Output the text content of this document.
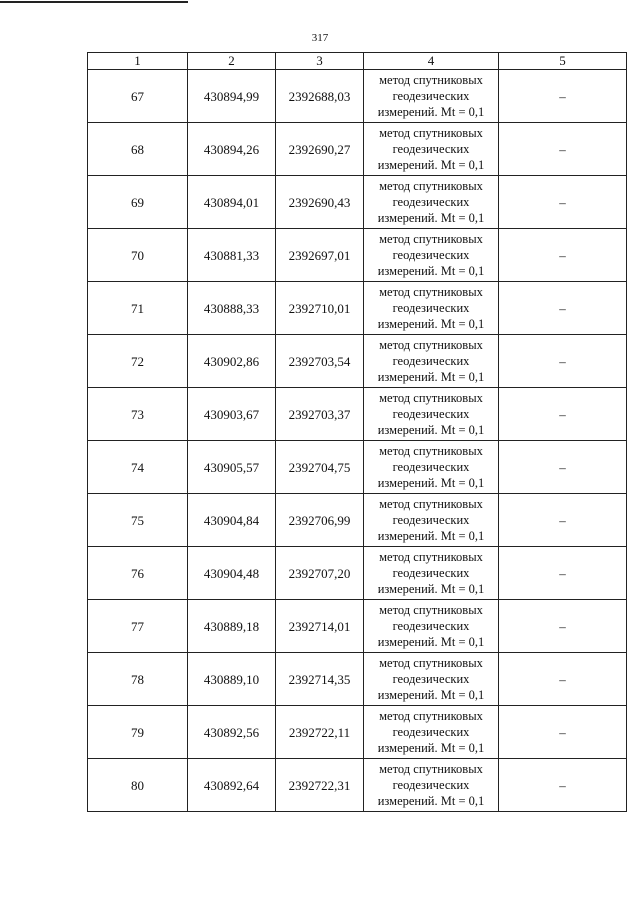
317
1	2	3	4	5
67	430894,99	2392688,03	метод спутниковых
геодезических
измерений. Mt = 0,1	–
68	430894,26	2392690,27	метод спутниковых
геодезических
измерений. Mt = 0,1	–
69	430894,01	2392690,43	метод спутниковых
геодезических
измерений. Mt = 0,1	–
70	430881,33	2392697,01	метод спутниковых
геодезических
измерений. Mt = 0,1	–
71	430888,33	2392710,01	метод спутниковых
геодезических
измерений. Mt = 0,1	–
72	430902,86	2392703,54	метод спутниковых
геодезических
измерений. Mt = 0,1	–
73	430903,67	2392703,37	метод спутниковых
геодезических
измерений. Mt = 0,1	–
74	430905,57	2392704,75	метод спутниковых
геодезических
измерений. Mt = 0,1	–
75	430904,84	2392706,99	метод спутниковых
геодезических
измерений. Mt = 0,1	–
76	430904,48	2392707,20	метод спутниковых
геодезических
измерений. Mt = 0,1	–
77	430889,18	2392714,01	метод спутниковых
геодезических
измерений. Mt = 0,1	–
78	430889,10	2392714,35	метод спутниковых
геодезических
измерений. Mt = 0,1	–
79	430892,56	2392722,11	метод спутниковых
геодезических
измерений. Mt = 0,1	–
80	430892,64	2392722,31	метод спутниковых
геодезических
измерений. Mt = 0,1	–
